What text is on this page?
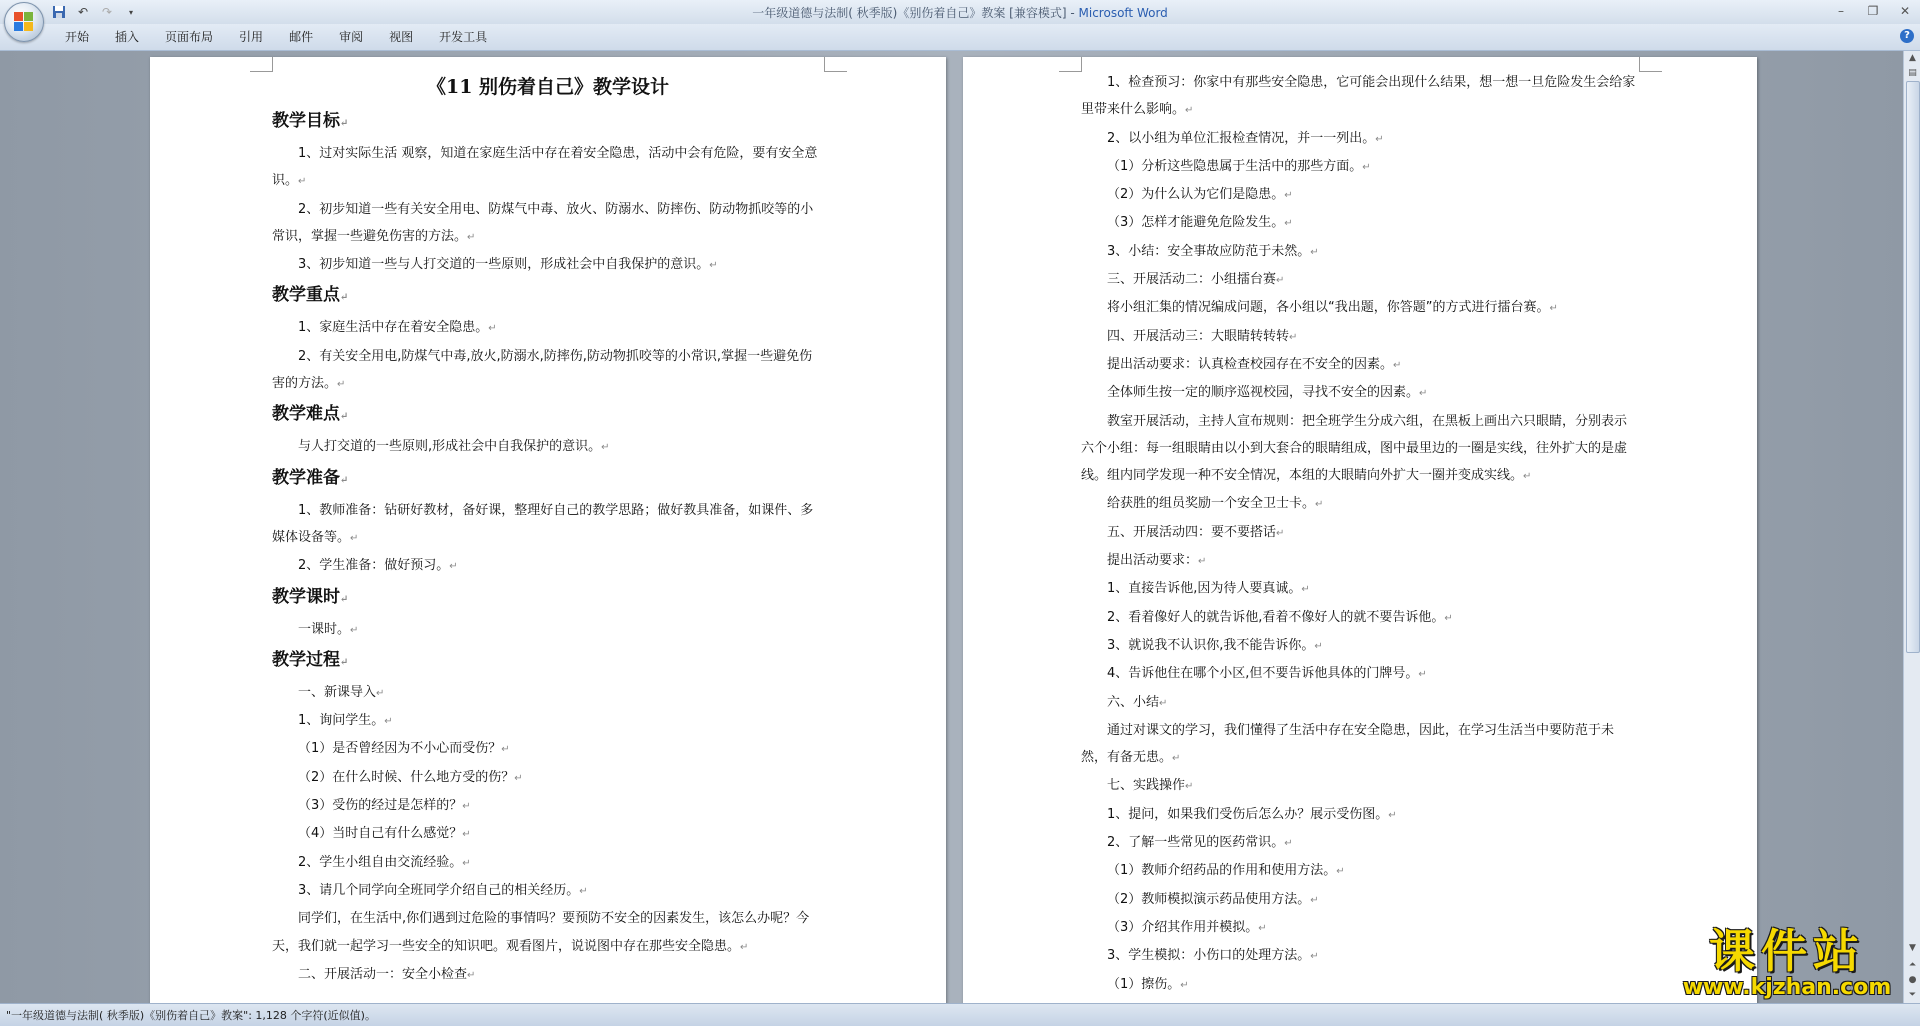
↶	↷	▾	一年级道德与法制( 秋季版)《别伤着自己》教案 [兼容模式] - Microsoft Word	–	❐	✕
开始	插入	页面布局	引用	邮件	审阅	视图	开发工具	?
《11 别伤着自己》教学设计
教学目标↵
1、过对实际生活 观察，知道在家庭生活中存在着安全隐患，活动中会有危险，要有安全意识。↵
2、初步知道一些有关安全用电、防煤气中毒、放火、防溺水、防摔伤、防动物抓咬等的小常识，掌握一些避免伤害的方法。↵
3、初步知道一些与人打交道的一些原则，形成社会中自我保护的意识。↵
教学重点↵
1、家庭生活中存在着安全隐患。↵
2、有关安全用电,防煤气中毒,放火,防溺水,防摔伤,防动物抓咬等的小常识,掌握一些避免伤害的方法。↵
教学难点↵
与人打交道的一些原则,形成社会中自我保护的意识。↵
教学准备↵
1、教师准备：钻研好教材，备好课，整理好自己的教学思路；做好教具准备，如课件、多媒体设备等。↵
2、学生准备：做好预习。↵
教学课时↵
一课时。↵
教学过程↵
一、新课导入↵
1、询问学生。↵
（1）是否曾经因为不小心而受伤？↵
（2）在什么时候、什么地方受的伤？↵
（3）受伤的经过是怎样的？↵
（4）当时自己有什么感觉？↵
2、学生小组自由交流经验。↵
3、请几个同学向全班同学介绍自己的相关经历。↵
同学们，在生活中,你们遇到过危险的事情吗？要预防不安全的因素发生，该怎么办呢？今天，我们就一起学习一些安全的知识吧。观看图片，说说图中存在那些安全隐患。↵
二、开展活动一：安全小检查↵
1、检查预习：你家中有那些安全隐患，它可能会出现什么结果，想一想一旦危险发生会给家里带来什么影响。↵
2、以小组为单位汇报检查情况，并一一列出。↵
（1）分析这些隐患属于生活中的那些方面。↵
（2）为什么认为它们是隐患。↵
（3）怎样才能避免危险发生。↵
3、小结：安全事故应防范于未然。↵
三、开展活动二：小组擂台赛↵
将小组汇集的情况编成问题，各小组以“我出题，你答题”的方式进行擂台赛。↵
四、开展活动三：大眼睛转转转↵
提出活动要求：认真检查校园存在不安全的因素。↵
全体师生按一定的顺序巡视校园，寻找不安全的因素。↵
教室开展活动，主持人宣布规则：把全班学生分成六组，在黑板上画出六只眼睛，分别表示六个小组：每一组眼睛由以小到大套合的眼睛组成，图中最里边的一圈是实线，往外扩大的是虚线。组内同学发现一种不安全情况，本组的大眼睛向外扩大一圈并变成实线。↵
给获胜的组员奖励一个安全卫士卡。↵
五、开展活动四：要不要搭话↵
提出活动要求：↵
1、直接告诉他,因为待人要真诚。↵
2、看着像好人的就告诉他,看着不像好人的就不要告诉他。↵
3、就说我不认识你,我不能告诉你。↵
4、告诉他住在哪个小区,但不要告诉他具体的门牌号。↵
六、小结↵
通过对课文的学习，我们懂得了生活中存在安全隐患，因此，在学习生活当中要防范于未然，有备无患。↵
七、实践操作↵
1、提问，如果我们受伤后怎么办？展示受伤图。↵
2、了解一些常见的医药常识。↵
（1）教师介绍药品的作用和使用方法。↵
（2）教师模拟演示药品使用方法。↵
（3）介绍其作用并模拟。↵
3、学生模拟：小伤口的处理方法。↵
（1）擦伤。↵
▲
▤
▼
⏶
●
⏷
课件站
www.kjzhan.com
"一年级道德与法制( 秋季版)《别伤着自己》教案": 1,128 个字符(近似值)。
